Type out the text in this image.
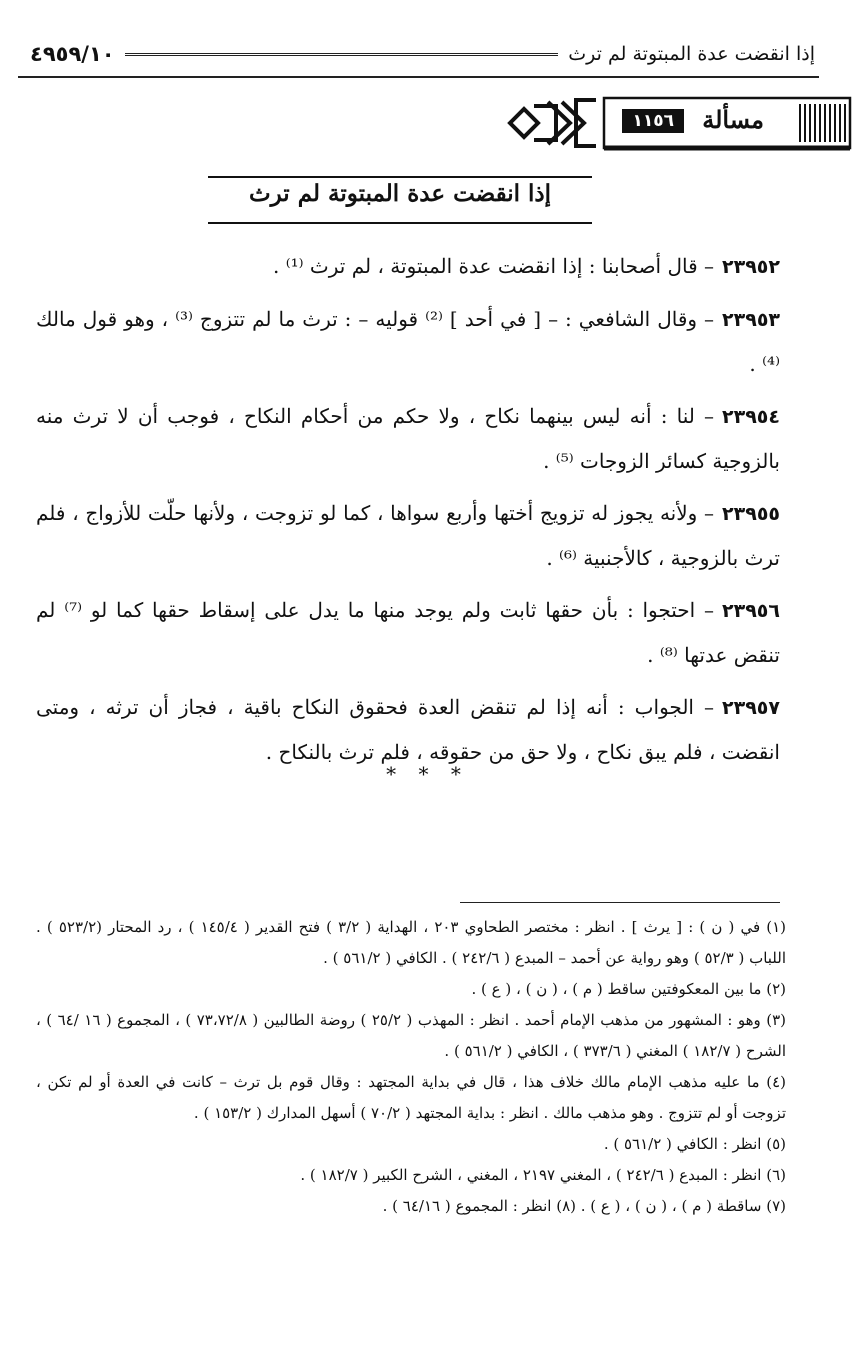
٤٩٥٩/١٠	إذا انقضت عدة المبتوتة لم ترث
مسألة
١١٥٦
إذا انقضت عدة المبتوتة لم ترث

٢٣٩٥٢– قال أصحابنا : إذا انقضت عدة المبتوتة ، لم ترث ⁽¹⁾ .

٢٣٩٥٣– وقال الشافعي : – [ في أحد ] ⁽²⁾ قوليه – : ترث ما لم تتزوج ⁽³⁾ ، وهو قول مالك ⁽⁴⁾ .

٢٣٩٥٤– لنا : أنه ليس بينهما نكاح ، ولا حكم من أحكام النكاح ، فوجب أن لا ترث منه بالزوجية كسائر الزوجات ⁽⁵⁾ .

٢٣٩٥٥– ولأنه يجوز له تزويج أختها وأربع سواها ، كما لو تزوجت ، ولأنها حلّت للأزواج ، فلم ترث بالزوجية ، كالأجنبية ⁽⁶⁾ .

٢٣٩٥٦– احتجوا : بأن حقها ثابت ولم يوجد منها ما يدل على إسقاط حقها كما لو ⁽⁷⁾ لم تنقض عدتها ⁽⁸⁾ .

٢٣٩٥٧– الجواب : أنه إذا لم تنقض العدة فحقوق النكاح باقية ، فجاز أن ترثه ، ومتى انقضت ، فلم يبق نكاح ، ولا حق من حقوقه ، فلم ترث بالنكاح .

* * *

(١) في ( ن ) : [ يرث ] . انظر : مختصر الطحاوي ٢٠٣ ، الهداية ( ٣/٢ ) فتح القدير ( ١٤٥/٤ ) ، رد المحتار (٥٢٣/٢ ) . اللباب ( ٥٢/٣ ) وهو رواية عن أحمد – المبدع ( ٢٤٢/٦ ) . الكافي ( ٥٦١/٢ ) .

(٢) ما بين المعكوفتين ساقط ( م ) ، ( ن ) ، ( ع ) .

(٣) وهو : المشهور من مذهب الإمام أحمد . انظر : المهذب ( ٢٥/٢ ) روضة الطالبين ( ٧٣،٧٢/٨ ) ، المجموع ( ١٦ /٦٤ ) ، الشرح ( ١٨٢/٧ ) المغني ( ٣٧٣/٦ ) ، الكافي ( ٥٦١/٢ ) .

(٤) ما عليه مذهب الإمام مالك خلاف هذا ، قال في بداية المجتهد : وقال قوم بل ترث – كانت في العدة أو لم تكن ، تزوجت أو لم تتزوج . وهو مذهب مالك . انظر : بداية المجتهد ( ٧٠/٢ ) أسهل المدارك ( ١٥٣/٢ ) .

(٥) انظر : الكافي ( ٥٦١/٢ ) .

(٦) انظر : المبدع ( ٢٤٢/٦ ) ، المغني ٢١٩٧ ، المغني ، الشرح الكبير ( ١٨٢/٧ ) .

(٧) ساقطة ( م ) ، ( ن ) ، ( ع ) . (٨) انظر : المجموع ( ٦٤/١٦ ) .
